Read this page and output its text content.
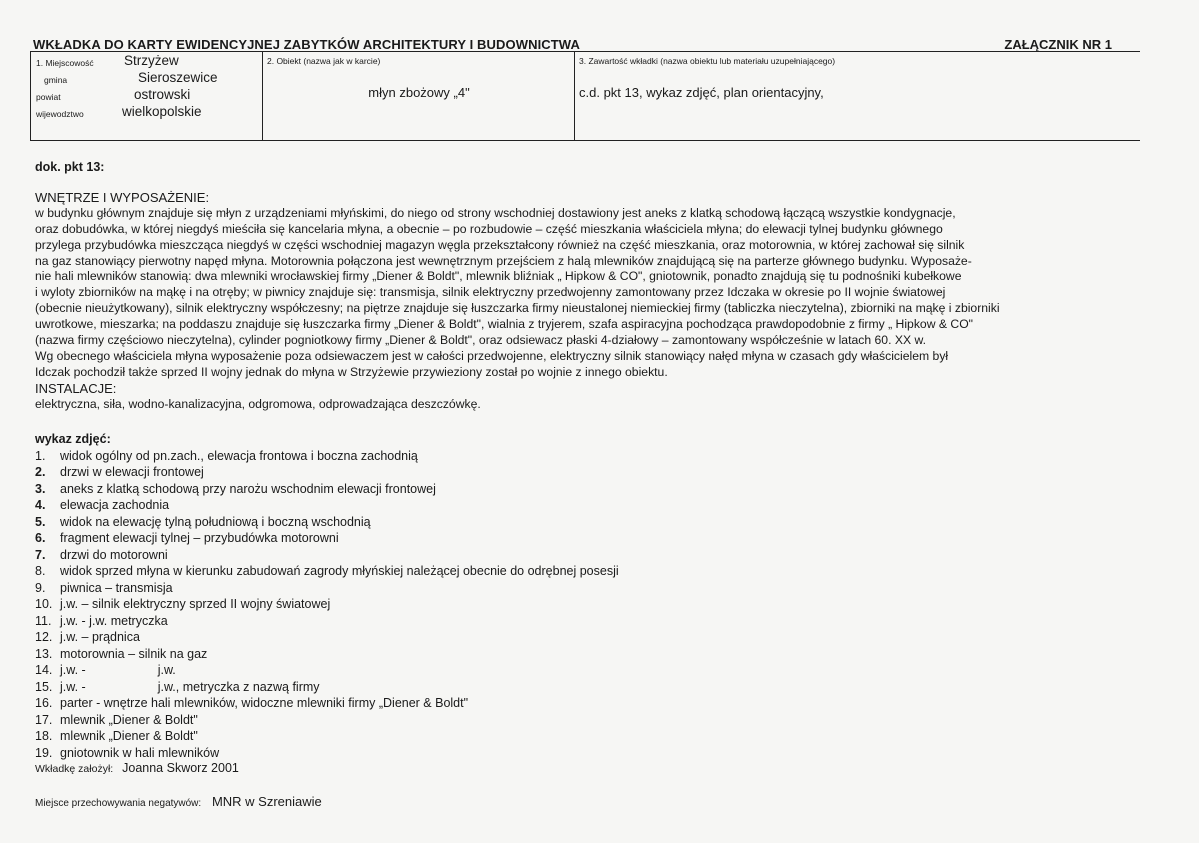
WKŁADKA DO KARTY EWIDENCYJNEJ ZABYTKÓW ARCHITEKTURY I BUDOWNICTWA	ZAŁĄCZNIK NR 1
1. Miejscowość Strzyżew
gmina	Sieroszewice
powiat	ostrowski
wijewodztwo	wielkopolskie
2. Obiekt (nazwa jak w karcie)
młyn zbożowy „4"
3. Zawartość wkładki (nazwa obiektu lub materiału uzupełniającego)
c.d. pkt 13, wykaz zdjęć, plan orientacyjny,
dok. pkt 13:
WNĘTRZE I WYPOSAŻENIE:

w budynku głównym znajduje się młyn z urządzeniami młyńskimi, do niego od strony wschodniej dostawiony jest aneks z klatką schodową łączącą wszystkie kondygnacje,

oraz dobudówka, w której niegdyś mieściła się kancelaria młyna, a obecnie – po rozbudowie – część mieszkania właściciela młyna; do elewacji tylnej budynku głównego

przylega przybudówka mieszcząca niegdyś w części wschodniej magazyn węgla przekształcony również na część mieszkania, oraz motorownia, w której zachował się silnik

na gaz stanowiący pierwotny napęd młyna. Motorownia połączona jest wewnętrznym przejściem z halą mlewników znajdującą się na parterze głównego budynku. Wyposaże-

nie hali mlewników stanowią: dwa mlewniki wrocławskiej firmy „Diener & Boldt", mlewnik bliźniak „ Hipkow & CO", gniotownik, ponadto znajdują się tu podnośniki kubełkowe

i wyloty zbiorników na mąkę i na otręby; w piwnicy znajduje się: transmisja, silnik elektryczny przedwojenny zamontowany przez Idczaka w okresie po II wojnie światowej

(obecnie nieużytkowany), silnik elektryczny współczesny; na piętrze znajduje się łuszczarka firmy nieustalonej niemieckiej firmy (tabliczka nieczytelna), zbiorniki na mąkę i zbiorniki

uwrotkowe, mieszarka; na poddaszu znajduje się łuszczarka firmy „Diener & Boldt", wialnia z tryjerem, szafa aspiracyjna pochodząca prawdopodobnie z firmy „ Hipkow & CO"

(nazwa firmy częściowo nieczytelna), cylinder pogniotkowy firmy „Diener & Boldt", oraz odsiewacz płaski 4-działowy – zamontowany współcześnie w latach 60. XX w.

Wg obecnego właściciela młyna wyposażenie poza odsiewaczem jest w całości przedwojenne, elektryczny silnik stanowiący nałęd młyna w czasach gdy właścicielem był

Idczak pochodził także sprzed II wojny jednak do młyna w Strzyżewie przywieziony został po wojnie z innego obiektu.

INSTALACJE:
elektryczna, siła, wodno-kanalizacyjna, odgromowa, odprowadzająca deszczówkę.
wykaz zdjęć:
1. widok ogólny od pn.zach., elewacja frontowa i boczna zachodnią
2. drzwi w elewacji frontowej
3. aneks z klatką schodową przy narożu wschodnim elewacji frontowej
4. elewacja zachodnia
5. widok na elewację tylną południową i boczną wschodnią
6. fragment elewacji tylnej – przybudówka motorowni
7. drzwi do motorowni
8. widok sprzed młyna w kierunku zabudowań zagrody młyńskiej należącej obecnie do odrębnej posesji
9. piwnica – transmisja
10. j.w. – silnik elektryczny sprzed II wojny światowej
11. j.w. - j.w. metryczka
12. j.w. – prądnica
13. motorownia – silnik na gaz
14. j.w. -	j.w.
15. j.w. -	j.w., metryczka z nazwą firmy
16. parter - wnętrze hali mlewników, widoczne mlewniki firmy „Diener & Boldt"
17. mlewnik „Diener & Boldt"
18. mlewnik „Diener & Boldt"
19. gniotownik w hali mlewników
Wkładkę założył: Joanna Skworz 2001
Miejsce przechowywania negatywów: MNR w Szreniawie
